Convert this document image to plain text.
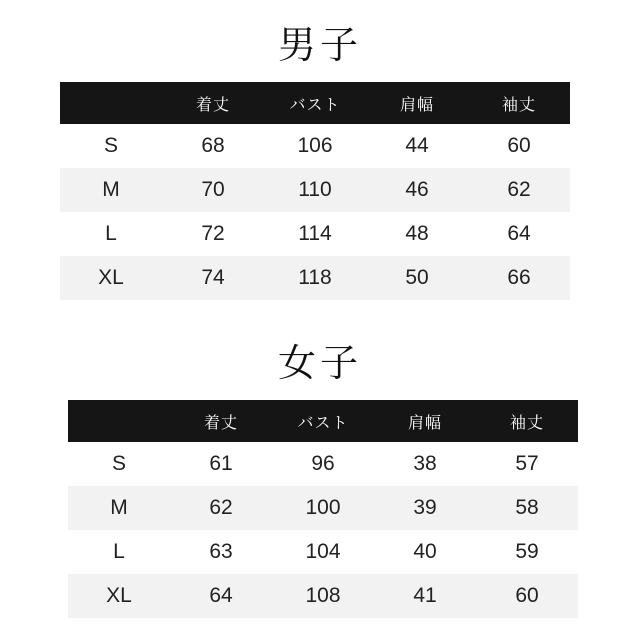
男子
	着丈	バスト	肩幅	袖丈
S	68	106	44	60
M	70	110	46	62
L	72	114	48	64
XL	74	118	50	66
女子
	着丈	バスト	肩幅	袖丈
S	61	96	38	57
M	62	100	39	58
L	63	104	40	59
XL	64	108	41	60
